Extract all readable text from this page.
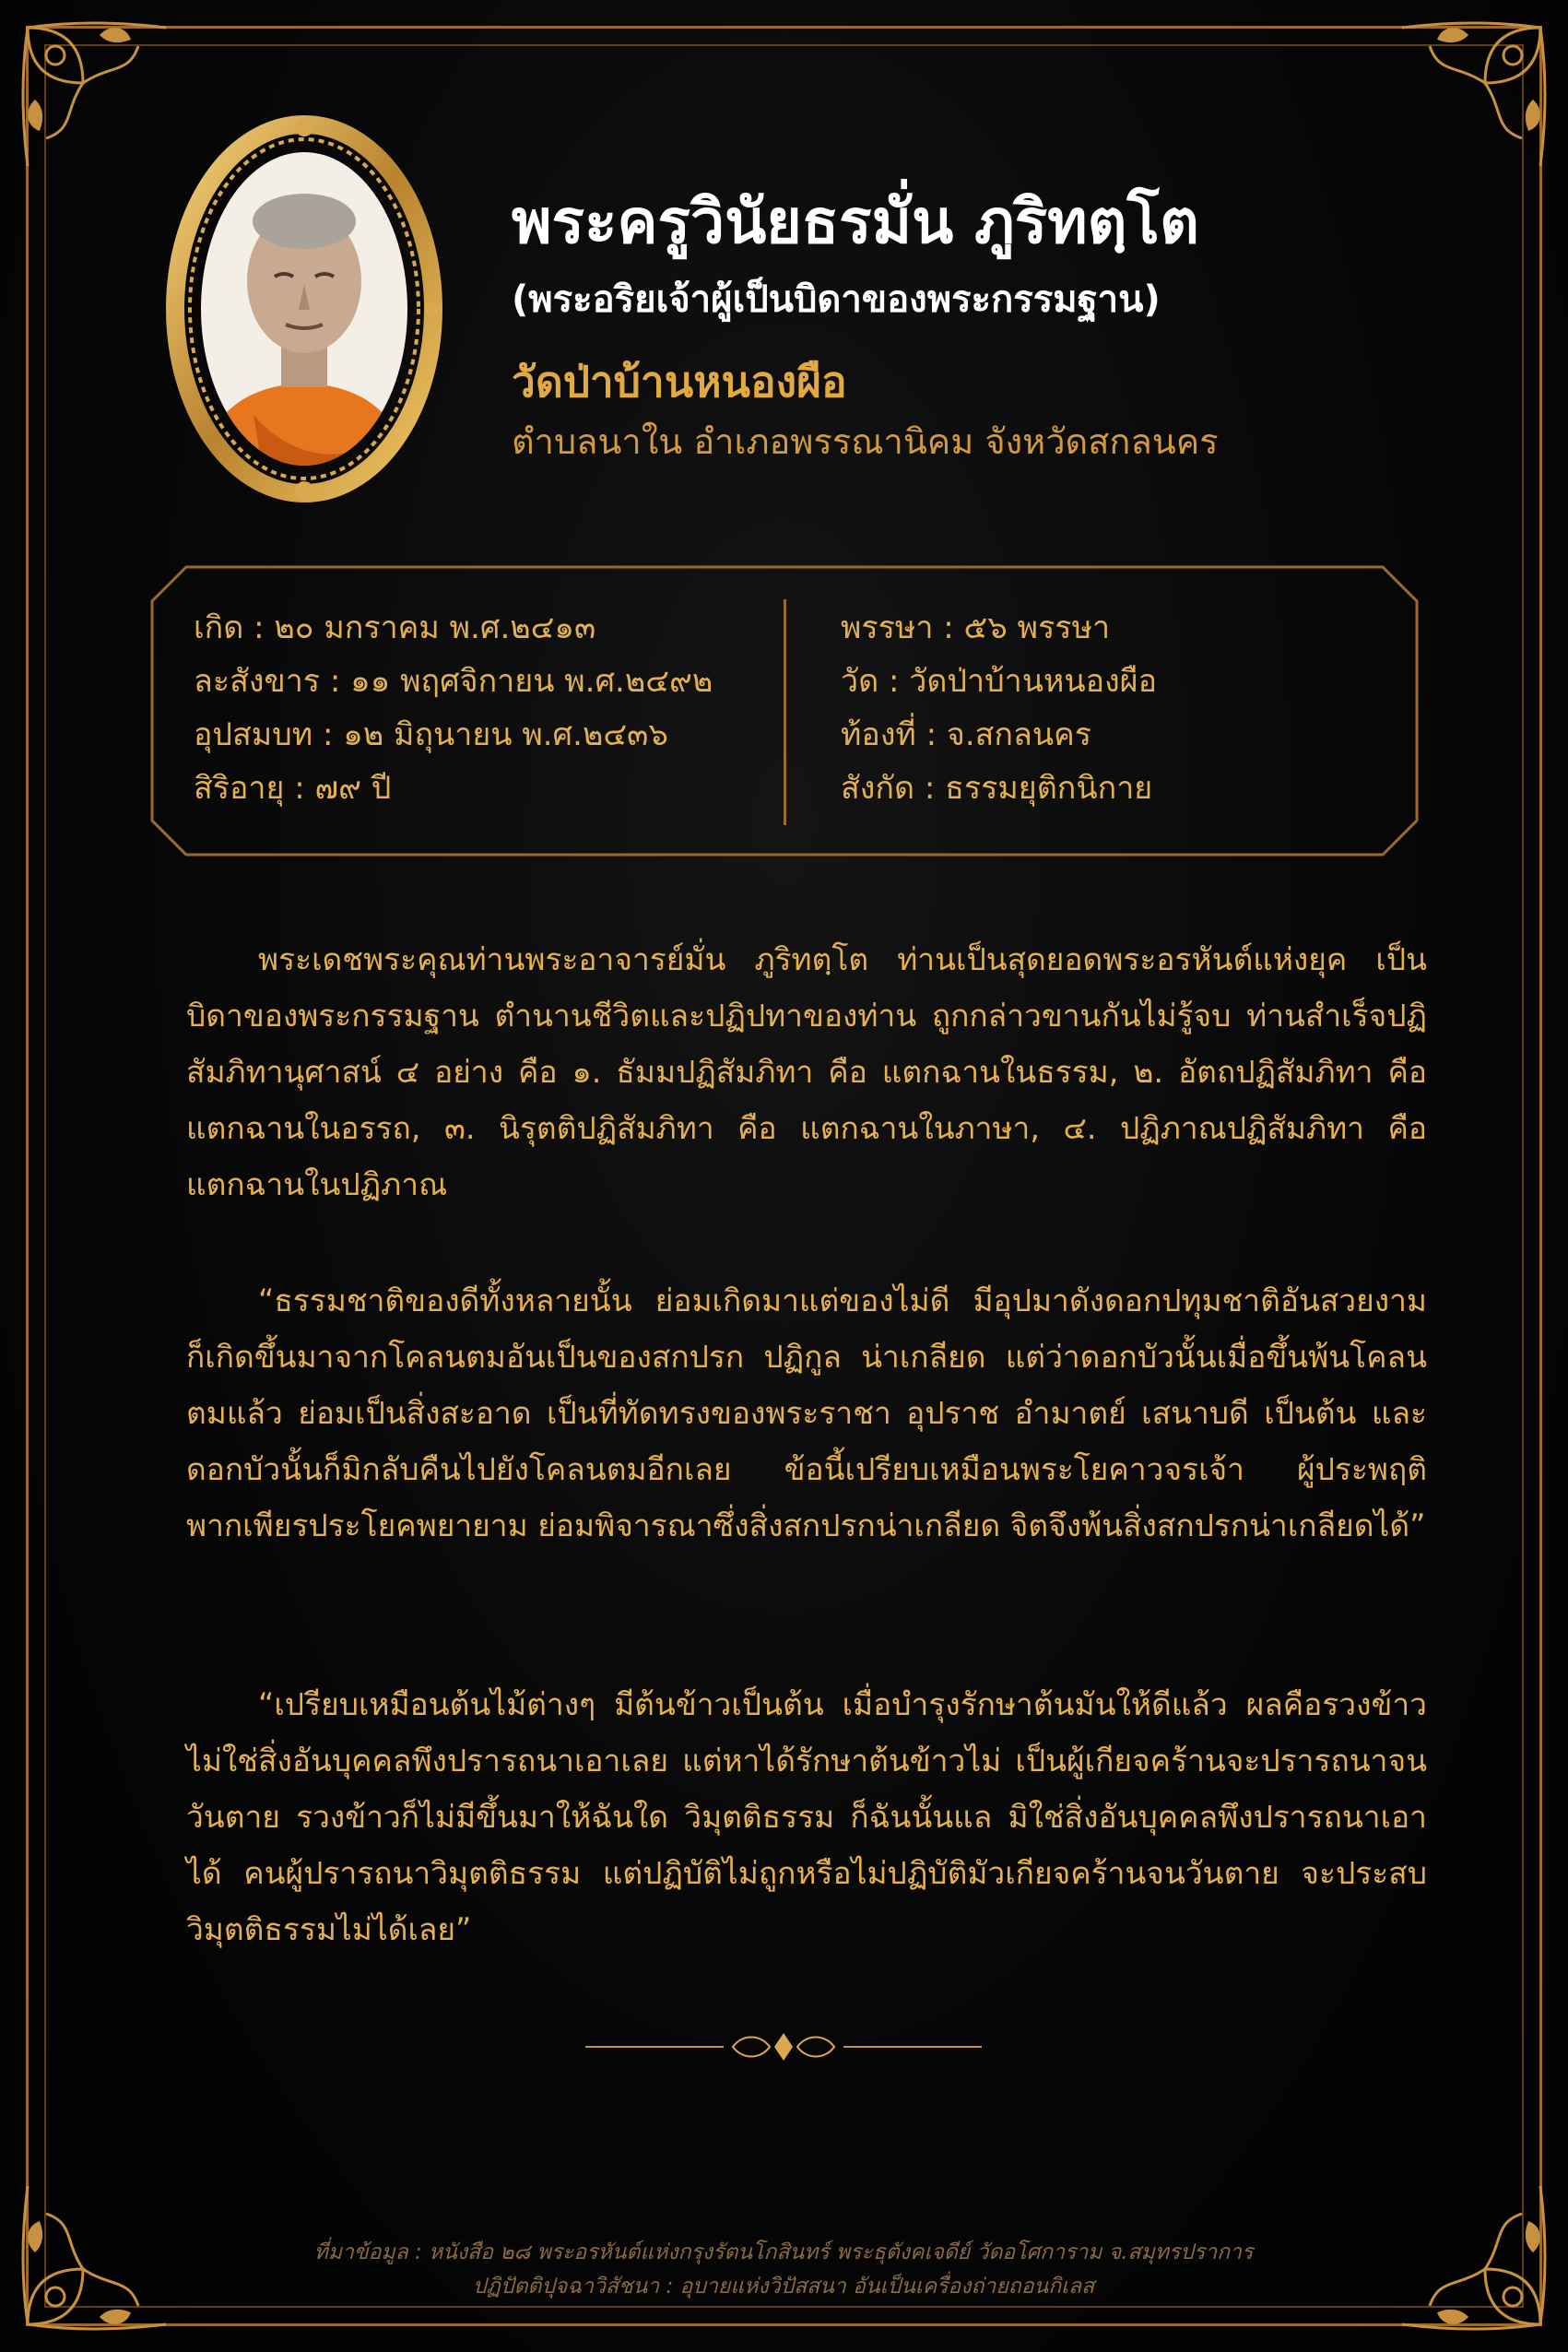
พระครูวินัยธรมั่น ภูริทตฺโต
(พระอริยเจ้าผู้เป็นบิดาของพระกรรมฐาน)
วัดป่าบ้านหนองผือ
ตำบลนาใน อำเภอพรรณานิคม จังหวัดสกลนคร
เกิด : ๒๐ มกราคม พ.ศ.๒๔๑๓
ละสังขาร : ๑๑ พฤศจิกายน พ.ศ.๒๔๙๒
อุปสมบท : ๑๒ มิถุนายน พ.ศ.๒๔๓๖
สิริอายุ : ๗๙ ปี
พรรษา : ๕๖ พรรษา
วัด : วัดป่าบ้านหนองผือ
ท้องที่ : จ.สกลนคร
สังกัด : ธรรมยุติกนิกาย
พระเดชพระคุณท่านพระอาจารย์มั่น ภูริทตฺโต ท่านเป็นสุดยอดพระอรหันต์แห่งยุค เป็นบิดาของพระกรรมฐาน ตำนานชีวิตและปฏิปทาของท่าน ถูกกล่าวขานกันไม่รู้จบ ท่านสำเร็จปฏิสัมภิทานุศาสน์ ๔ อย่าง คือ ๑. ธัมมปฏิสัมภิทา คือ แตกฉานในธรรม, ๒. อัตถปฏิสัมภิทา คือ แตกฉานในอรรถ, ๓. นิรุตติปฏิสัมภิทา คือ แตกฉานในภาษา, ๔. ปฏิภาณปฏิสัมภิทา คือ แตกฉานในปฏิภาณ
“ธรรมชาติของดีทั้งหลายนั้น ย่อมเกิดมาแต่ของไม่ดี มีอุปมาดังดอกปทุมชาติอันสวยงาม ก็เกิดขึ้นมาจากโคลนตมอันเป็นของสกปรก ปฏิกูล น่าเกลียด แต่ว่าดอกบัวนั้นเมื่อขึ้นพ้นโคลนตมแล้ว ย่อมเป็นสิ่งสะอาด เป็นที่ทัดทรงของพระราชา อุปราช อำมาตย์ เสนาบดี เป็นต้น และดอกบัวนั้นก็มิกลับคืนไปยังโคลนตมอีกเลย ข้อนี้เปรียบเหมือนพระโยคาวจรเจ้า ผู้ประพฤติพากเพียรประโยคพยายาม ย่อมพิจารณาซึ่งสิ่งสกปรกน่าเกลียด จิตจึงพ้นสิ่งสกปรกน่าเกลียดได้”
“เปรียบเหมือนต้นไม้ต่างๆ มีต้นข้าวเป็นต้น เมื่อบำรุงรักษาต้นมันให้ดีแล้ว ผลคือรวงข้าวไม่ใช่สิ่งอันบุคคลพึงปรารถนาเอาเลย แต่หาได้รักษาต้นข้าวไม่ เป็นผู้เกียจคร้านจะปรารถนาจนวันตาย รวงข้าวก็ไม่มีขึ้นมาให้ฉันใด วิมุตติธรรม ก็ฉันนั้นแล มิใช่สิ่งอันบุคคลพึงปรารถนาเอาได้ คนผู้ปรารถนาวิมุตติธรรม แต่ปฏิบัติไม่ถูกหรือไม่ปฏิบัติมัวเกียจคร้านจนวันตาย จะประสบวิมุตติธรรมไม่ได้เลย”
ที่มาข้อมูล : หนังสือ ๒๘ พระอรหันต์แห่งกรุงรัตนโกสินทร์ พระธุตังคเจดีย์ วัดอโศการาม จ.สมุทรปราการ
ปฏิปัตติปุจฉาวิสัชนา : อุบายแห่งวิปัสสนา อันเป็นเครื่องถ่ายถอนกิเลส
